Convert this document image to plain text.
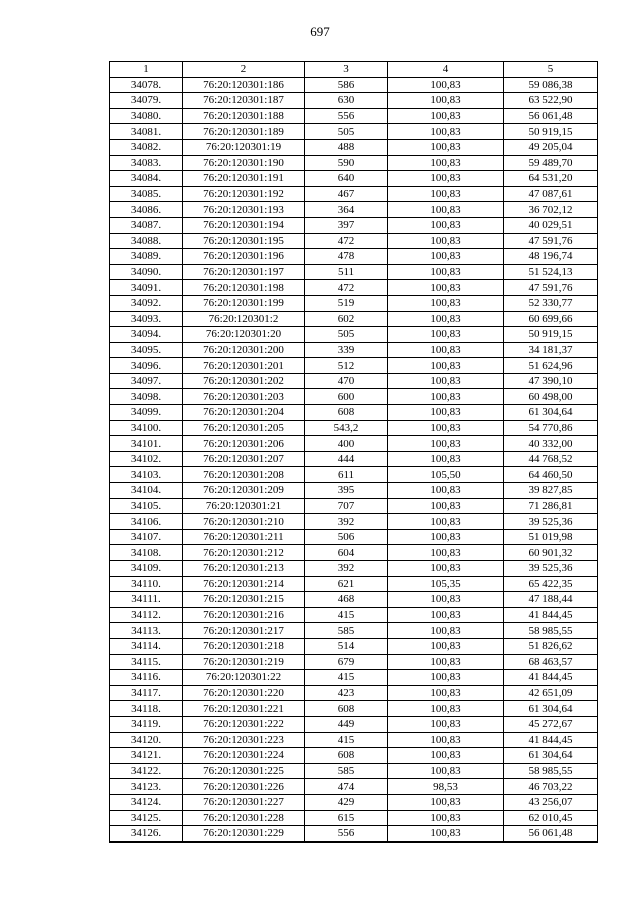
697
1	2	3	4	5
34078.	76:20:120301:186	586	100,83	59 086,38
34079.	76:20:120301:187	630	100,83	63 522,90
34080.	76:20:120301:188	556	100,83	56 061,48
34081.	76:20:120301:189	505	100,83	50 919,15
34082.	76:20:120301:19	488	100,83	49 205,04
34083.	76:20:120301:190	590	100,83	59 489,70
34084.	76:20:120301:191	640	100,83	64 531,20
34085.	76:20:120301:192	467	100,83	47 087,61
34086.	76:20:120301:193	364	100,83	36 702,12
34087.	76:20:120301:194	397	100,83	40 029,51
34088.	76:20:120301:195	472	100,83	47 591,76
34089.	76:20:120301:196	478	100,83	48 196,74
34090.	76:20:120301:197	511	100,83	51 524,13
34091.	76:20:120301:198	472	100,83	47 591,76
34092.	76:20:120301:199	519	100,83	52 330,77
34093.	76:20:120301:2	602	100,83	60 699,66
34094.	76:20:120301:20	505	100,83	50 919,15
34095.	76:20:120301:200	339	100,83	34 181,37
34096.	76:20:120301:201	512	100,83	51 624,96
34097.	76:20:120301:202	470	100,83	47 390,10
34098.	76:20:120301:203	600	100,83	60 498,00
34099.	76:20:120301:204	608	100,83	61 304,64
34100.	76:20:120301:205	543,2	100,83	54 770,86
34101.	76:20:120301:206	400	100,83	40 332,00
34102.	76:20:120301:207	444	100,83	44 768,52
34103.	76:20:120301:208	611	105,50	64 460,50
34104.	76:20:120301:209	395	100,83	39 827,85
34105.	76:20:120301:21	707	100,83	71 286,81
34106.	76:20:120301:210	392	100,83	39 525,36
34107.	76:20:120301:211	506	100,83	51 019,98
34108.	76:20:120301:212	604	100,83	60 901,32
34109.	76:20:120301:213	392	100,83	39 525,36
34110.	76:20:120301:214	621	105,35	65 422,35
34111.	76:20:120301:215	468	100,83	47 188,44
34112.	76:20:120301:216	415	100,83	41 844,45
34113.	76:20:120301:217	585	100,83	58 985,55
34114.	76:20:120301:218	514	100,83	51 826,62
34115.	76:20:120301:219	679	100,83	68 463,57
34116.	76:20:120301:22	415	100,83	41 844,45
34117.	76:20:120301:220	423	100,83	42 651,09
34118.	76:20:120301:221	608	100,83	61 304,64
34119.	76:20:120301:222	449	100,83	45 272,67
34120.	76:20:120301:223	415	100,83	41 844,45
34121.	76:20:120301:224	608	100,83	61 304,64
34122.	76:20:120301:225	585	100,83	58 985,55
34123.	76:20:120301:226	474	98,53	46 703,22
34124.	76:20:120301:227	429	100,83	43 256,07
34125.	76:20:120301:228	615	100,83	62 010,45
34126.	76:20:120301:229	556	100,83	56 061,48
